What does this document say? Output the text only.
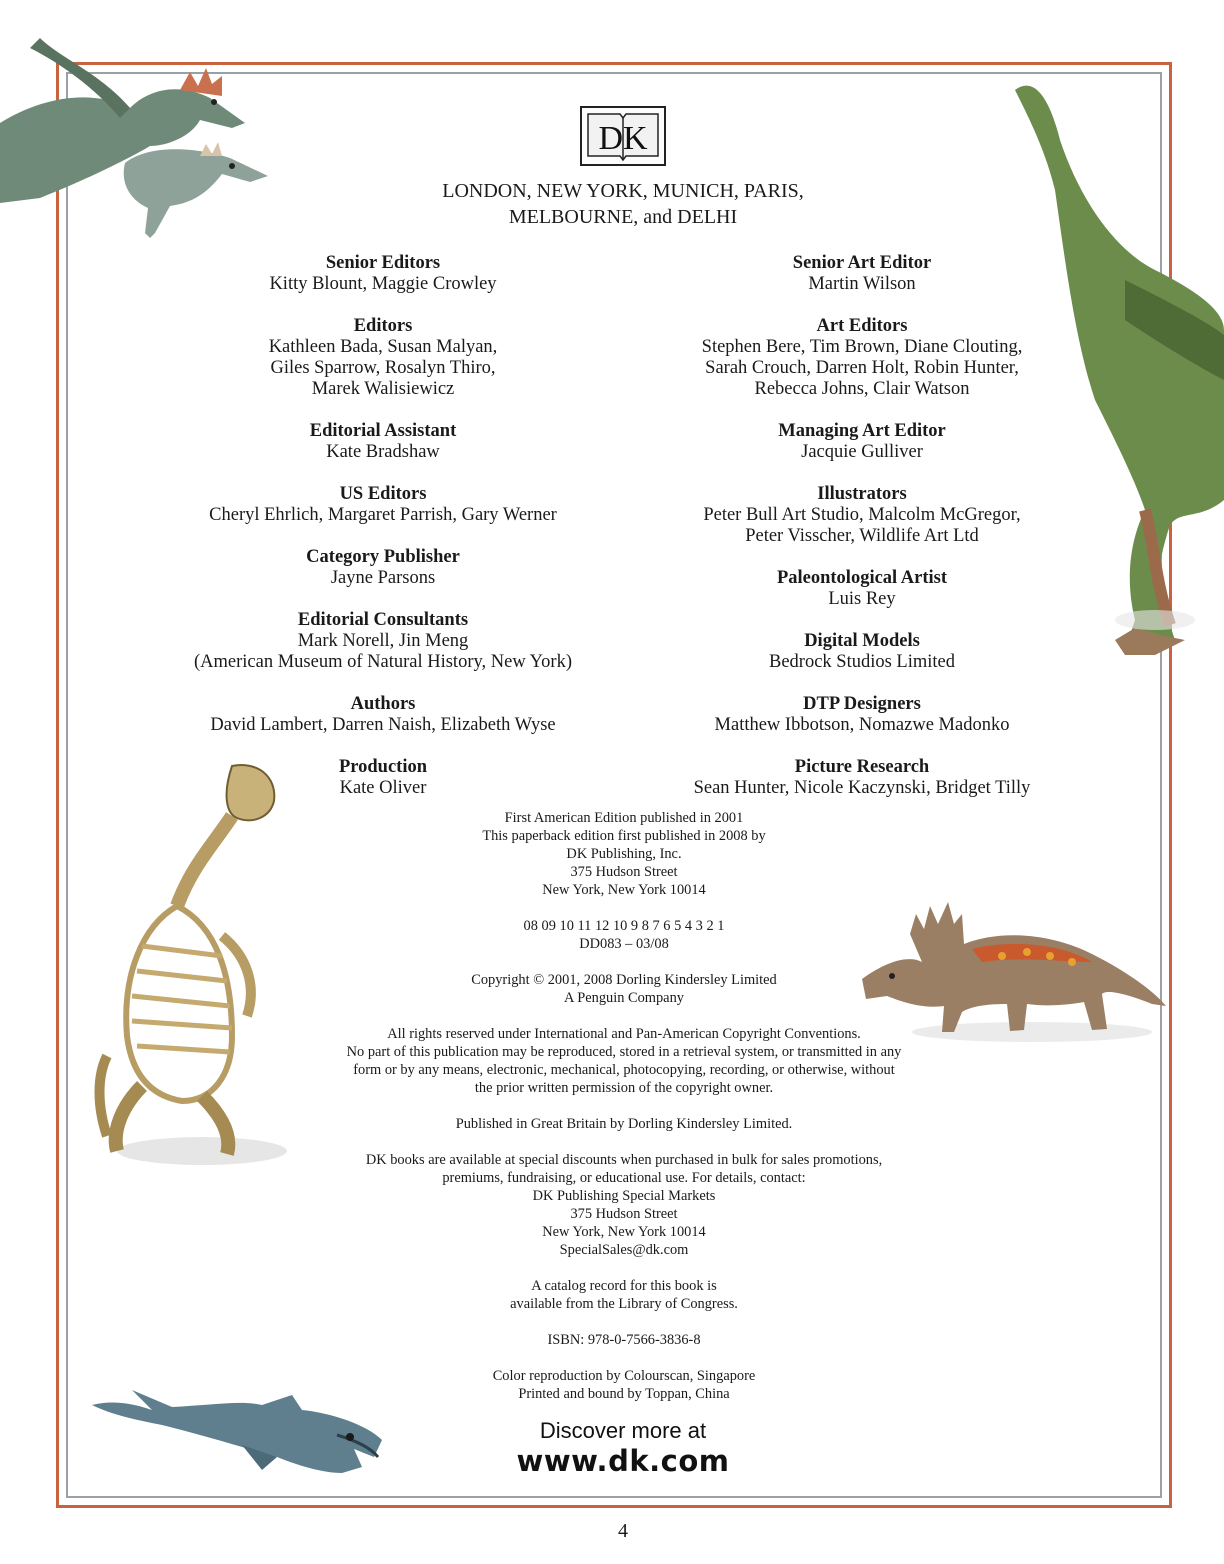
DK
LONDON, NEW YORK, MUNICH, PARIS,
MELBOURNE, and DELHI
Senior Editors
Kitty Blount, Maggie Crowley
Editors
Kathleen Bada, Susan Malyan,
Giles Sparrow, Rosalyn Thiro,
Marek Walisiewicz
Editorial Assistant
Kate Bradshaw
US Editors
Cheryl Ehrlich, Margaret Parrish, Gary Werner
Category Publisher
Jayne Parsons
Editorial Consultants
Mark Norell, Jin Meng
(American Museum of Natural History, New York)
Authors
David Lambert, Darren Naish, Elizabeth Wyse
Production
Kate Oliver
Senior Art Editor
Martin Wilson
Art Editors
Stephen Bere, Tim Brown, Diane Clouting,
Sarah Crouch, Darren Holt, Robin Hunter,
Rebecca Johns, Clair Watson
Managing Art Editor
Jacquie Gulliver
Illustrators
Peter Bull Art Studio, Malcolm McGregor,
Peter Visscher, Wildlife Art Ltd
Paleontological Artist
Luis Rey
Digital Models
Bedrock Studios Limited
DTP Designers
Matthew Ibbotson, Nomazwe Madonko
Picture Research
Sean Hunter, Nicole Kaczynski, Bridget Tilly
First American Edition published in 2001
This paperback edition first published in 2008 by
DK Publishing, Inc.
375 Hudson Street
New York, New York 10014
08 09 10 11 12 10 9 8 7 6 5 4 3 2 1
DD083 – 03/08
Copyright © 2001, 2008 Dorling Kindersley Limited
A Penguin Company
All rights reserved under International and Pan-American Copyright Conventions.
No part of this publication may be reproduced, stored in a retrieval system, or transmitted in any
form or by any means, electronic, mechanical, photocopying, recording, or otherwise, without
the prior written permission of the copyright owner.
Published in Great Britain by Dorling Kindersley Limited.
DK books are available at special discounts when purchased in bulk for sales promotions,
premiums, fundraising, or educational use. For details, contact:
DK Publishing Special Markets
375 Hudson Street
New York, New York 10014
SpecialSales@dk.com
A catalog record for this book is
available from the Library of Congress.
ISBN: 978-0-7566-3836-8
Color reproduction by Colourscan, Singapore
Printed and bound by Toppan, China
Discover more at
www.dk.com
4
